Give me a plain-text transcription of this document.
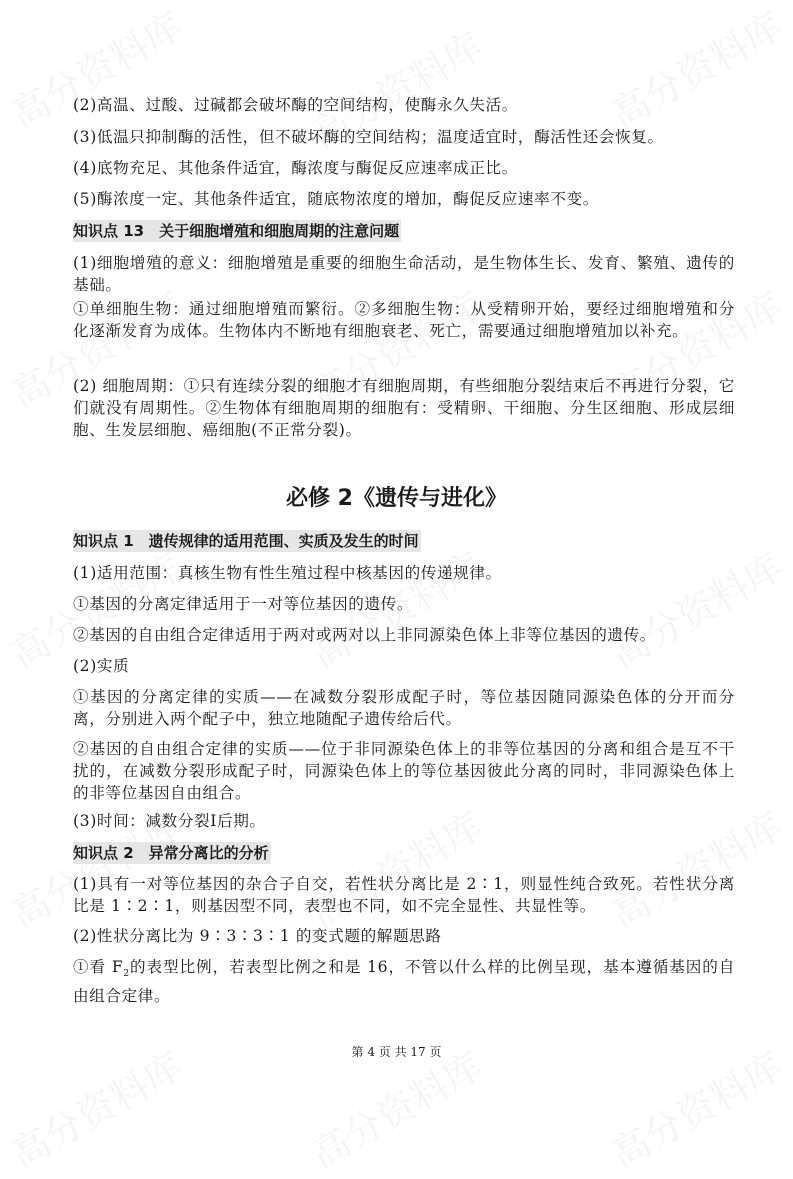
(2)高温、过酸、过碱都会破坏酶的空间结构，使酶永久失活。

(3)低温只抑制酶的活性，但不破坏酶的空间结构；温度适宜时，酶活性还会恢复。

(4)底物充足、其他条件适宜，酶浓度与酶促反应速率成正比。

(5)酶浓度一定、其他条件适宜，随底物浓度的增加，酶促反应速率不变。

知识点 13　关于细胞增殖和细胞周期的注意问题

(1)细胞增殖的意义：细胞增殖是重要的细胞生命活动，是生物体生长、发育、繁殖、遗传的基础。

①单细胞生物：通过细胞增殖而繁衍。②多细胞生物：从受精卵开始，要经过细胞增殖和分化逐渐发育为成体。生物体内不断地有细胞衰老、死亡，需要通过细胞增殖加以补充。

(2) 细胞周期：①只有连续分裂的细胞才有细胞周期，有些细胞分裂结束后不再进行分裂，它们就没有周期性。②生物体有细胞周期的细胞有：受精卵、干细胞、分生区细胞、形成层细胞、生发层细胞、癌细胞(不正常分裂)。

必修 2《遗传与进化》
知识点 1　遗传规律的适用范围、实质及发生的时间

(1)适用范围：真核生物有性生殖过程中核基因的传递规律。

①基因的分离定律适用于一对等位基因的遗传。

②基因的自由组合定律适用于两对或两对以上非同源染色体上非等位基因的遗传。

(2)实质

①基因的分离定律的实质——在减数分裂形成配子时，等位基因随同源染色体的分开而分离，分别进入两个配子中，独立地随配子遗传给后代。

②基因的自由组合定律的实质——位于非同源染色体上的非等位基因的分离和组合是互不干扰的，在减数分裂形成配子时，同源染色体上的等位基因彼此分离的同时，非同源染色体上的非等位基因自由组合。

(3)时间：减数分裂Ⅰ后期。

知识点 2　异常分离比的分析

(1)具有一对等位基因的杂合子自交，若性状分离比是 2∶1，则显性纯合致死。若性状分离比是 1∶2∶1，则基因型不同，表型也不同，如不完全显性、共显性等。

(2)性状分离比为 9∶3∶3∶1 的变式题的解题思路

①看 $F_2$的表型比例，若表型比例之和是 16，不管以什么样的比例呈现，基本遵循基因的自由组合定律。

第 4 页 共 17 页
